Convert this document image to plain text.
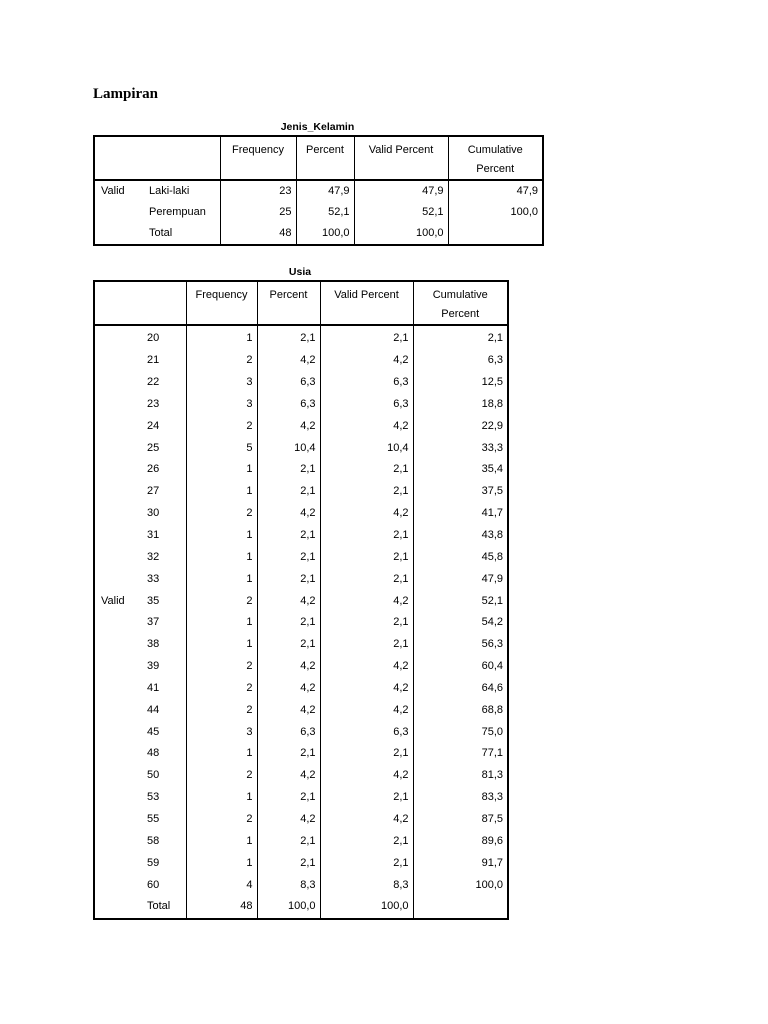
Lampiran
Jenis_Kelamin
	Frequency	Percent	Valid Percent	Cumulative Percent

Valid Laki-laki	23	47,9	47,9	47,9
Perempuan	25	52,1	52,1	100,0
Total	48	100,0	100,0	
Usia
	Frequency	Percent	Valid Percent	Cumulative Percent
20	1	2,1	2,1	2,1
21	2	4,2	4,2	6,3
22	3	6,3	6,3	12,5
23	3	6,3	6,3	18,8
24	2	4,2	4,2	22,9
25	5	10,4	10,4	33,3
26	1	2,1	2,1	35,4
27	1	2,1	2,1	37,5
30	2	4,2	4,2	41,7
31	1	2,1	2,1	43,8
32	1	2,1	2,1	45,8
33	1	2,1	2,1	47,9

Valid 35	2	4,2	4,2	52,1
37	1	2,1	2,1	54,2
38	1	2,1	2,1	56,3
39	2	4,2	4,2	60,4
41	2	4,2	4,2	64,6
44	2	4,2	4,2	68,8
45	3	6,3	6,3	75,0
48	1	2,1	2,1	77,1
50	2	4,2	4,2	81,3
53	1	2,1	2,1	83,3
55	2	4,2	4,2	87,5
58	1	2,1	2,1	89,6
59	1	2,1	2,1	91,7
60	4	8,3	8,3	100,0
Total	48	100,0	100,0	
